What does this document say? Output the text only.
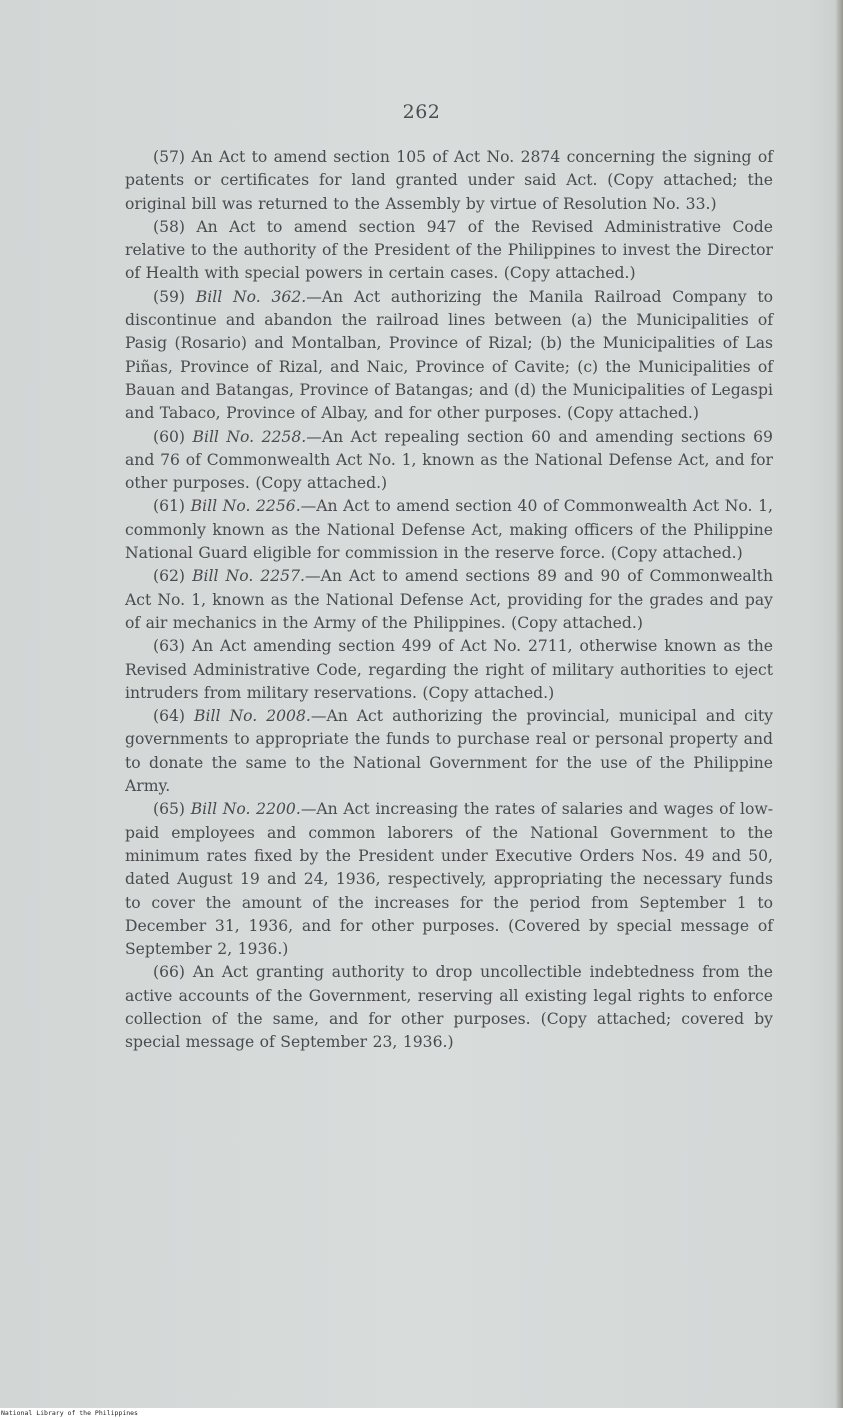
262

(57) An Act to amend section 105 of Act No. 2874 concerning the signing of patents or certificates for land granted under said Act. (Copy attached; the original bill was returned to the Assembly by virtue of Resolution No. 33.)

(58) An Act to amend section 947 of the Revised Administrative Code relative to the authority of the President of the Philippines to invest the Director of Health with special powers in certain cases. (Copy attached.)

(59) Bill No. 362.—An Act authorizing the Manila Railroad Company to discontinue and abandon the railroad lines between (a) the Municipalities of Pasig (Rosario) and Montalban, Province of Rizal; (b) the Municipalities of Las Piñas, Province of Rizal, and Naic, Province of Cavite; (c) the Municipalities of Bauan and Batangas, Province of Batangas; and (d) the Municipalities of Legaspi and Tabaco, Province of Albay, and for other purposes. (Copy attached.)

(60) Bill No. 2258.—An Act repealing section 60 and amending sections 69 and 76 of Commonwealth Act No. 1, known as the National Defense Act, and for other purposes. (Copy attached.)

(61) Bill No. 2256.—An Act to amend section 40 of Commonwealth Act No. 1, commonly known as the National Defense Act, making officers of the Philippine National Guard eligible for commission in the reserve force. (Copy attached.)

(62) Bill No. 2257.—An Act to amend sections 89 and 90 of Commonwealth Act No. 1, known as the National Defense Act, providing for the grades and pay of air mechanics in the Army of the Philippines. (Copy attached.)

(63) An Act amending section 499 of Act No. 2711, otherwise known as the Revised Administrative Code, regarding the right of military authorities to eject intruders from military reservations. (Copy attached.)

(64) Bill No. 2008.—An Act authorizing the provincial, municipal and city governments to appropriate the funds to purchase real or personal property and to donate the same to the National Government for the use of the Philippine Army.

(65) Bill No. 2200.—An Act increasing the rates of salaries and wages of low-paid employees and common laborers of the National Government to the minimum rates fixed by the President under Executive Orders Nos. 49 and 50, dated August 19 and 24, 1936, respectively, appropriating the necessary funds to cover the amount of the increases for the period from September 1 to December 31, 1936, and for other purposes. (Covered by special message of September 2, 1936.)

(66) An Act granting authority to drop uncollectible indebtedness from the active accounts of the Government, reserving all existing legal rights to enforce collection of the same, and for other purposes. (Copy attached; covered by special message of September 23, 1936.)

National Library of the Philippines
